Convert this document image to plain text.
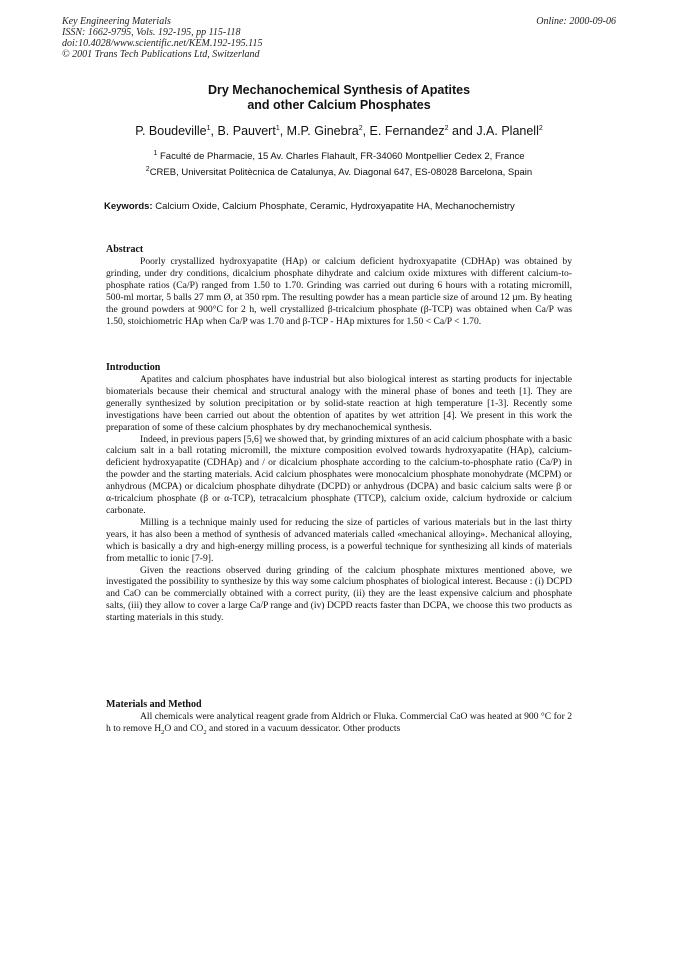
Key Engineering Materials
ISSN: 1662-9795, Vols. 192-195, pp 115-118
doi:10.4028/www.scientific.net/KEM.192-195.115
© 2001 Trans Tech Publications Ltd, Switzerland
Online: 2000-09-06
Dry Mechanochemical Synthesis of Apatites
and other Calcium Phosphates
P. Boudeville$^1$, B. Pauvert$^1$, M.P. Ginebra$^2$, E. Fernandez$^2$ and J.A. Planell$^2$
$^1$ Faculté de Pharmacie, 15 Av. Charles Flahault, FR-34060 Montpellier Cedex 2, France
$^2$CREB, Universitat Politècnica de Catalunya, Av. Diagonal 647, ES-08028 Barcelona, Spain
Keywords: Calcium Oxide, Calcium Phosphate, Ceramic, Hydroxyapatite HA, Mechanochemistry
Abstract

Poorly crystallized hydroxyapatite (HAp) or calcium deficient hydroxyapatite (CDHAp) was obtained by grinding, under dry conditions, dicalcium phosphate dihydrate and calcium oxide mixtures with different calcium-to-phosphate ratios (Ca/P) ranged from 1.50 to 1.70. Grinding was carried out during 6 hours with a rotating micromill, 500-ml mortar, 5 balls 27 mm Ø, at 350 rpm. The resulting powder has a mean particle size of around 12 µm. By heating the ground powders at 900°C for 2 h, well crystallized β-tricalcium phosphate (β-TCP) was obtained when Ca/P was 1.50, stoichiometric HAp when Ca/P was 1.70 and β-TCP - HAp mixtures for 1.50 < Ca/P < 1.70.

Introduction

Apatites and calcium phosphates have industrial but also biological interest as starting products for injectable biomaterials because their chemical and structural analogy with the mineral phase of bones and teeth [1]. They are generally synthesized by solution precipitation or by solid-state reaction at high temperature [1-3]. Recently some investigations have been carried out about the obtention of apatites by wet attrition [4]. We present in this work the preparation of some of these calcium phosphates by dry mechanochemical synthesis.

Indeed, in previous papers [5,6] we showed that, by grinding mixtures of an acid calcium phosphate with a basic calcium salt in a ball rotating micromill, the mixture composition evolved towards hydroxyapatite (HAp), calcium-deficient hydroxyapatite (CDHAp) and / or dicalcium phosphate according to the calcium-to-phosphate ratio (Ca/P) in the powder and the starting materials. Acid calcium phosphates were monocalcium phosphate monohydrate (MCPM) or anhydrous (MCPA) or dicalcium phosphate dihydrate (DCPD) or anhydrous (DCPA) and basic calcium salts were β or α-tricalcium phosphate (β or α-TCP), tetracalcium phosphate (TTCP), calcium oxide, calcium hydroxide or calcium carbonate.

Milling is a technique mainly used for reducing the size of particles of various materials but in the last thirty years, it has also been a method of synthesis of advanced materials called «mechanical alloying». Mechanical alloying, which is basically a dry and high-energy milling process, is a powerful technique for synthesizing all kinds of materials from metallic to ionic [7-9].

Given the reactions observed during grinding of the calcium phosphate mixtures mentioned above, we investigated the possibility to synthesize by this way some calcium phosphates of biological interest. Because : (i) DCPD and CaO can be commercially obtained with a correct purity, (ii) they are the least expensive calcium and phosphate salts, (iii) they allow to cover a large Ca/P range and (iv) DCPD reacts faster than DCPA, we choose this two products as starting materials in this study.

Materials and Method

All chemicals were analytical reagent grade from Aldrich or Fluka. Commercial CaO was heated at 900 °C for 2 h to remove $H_2O$ and $CO_2$ and stored in a vacuum dessicator. Other products
